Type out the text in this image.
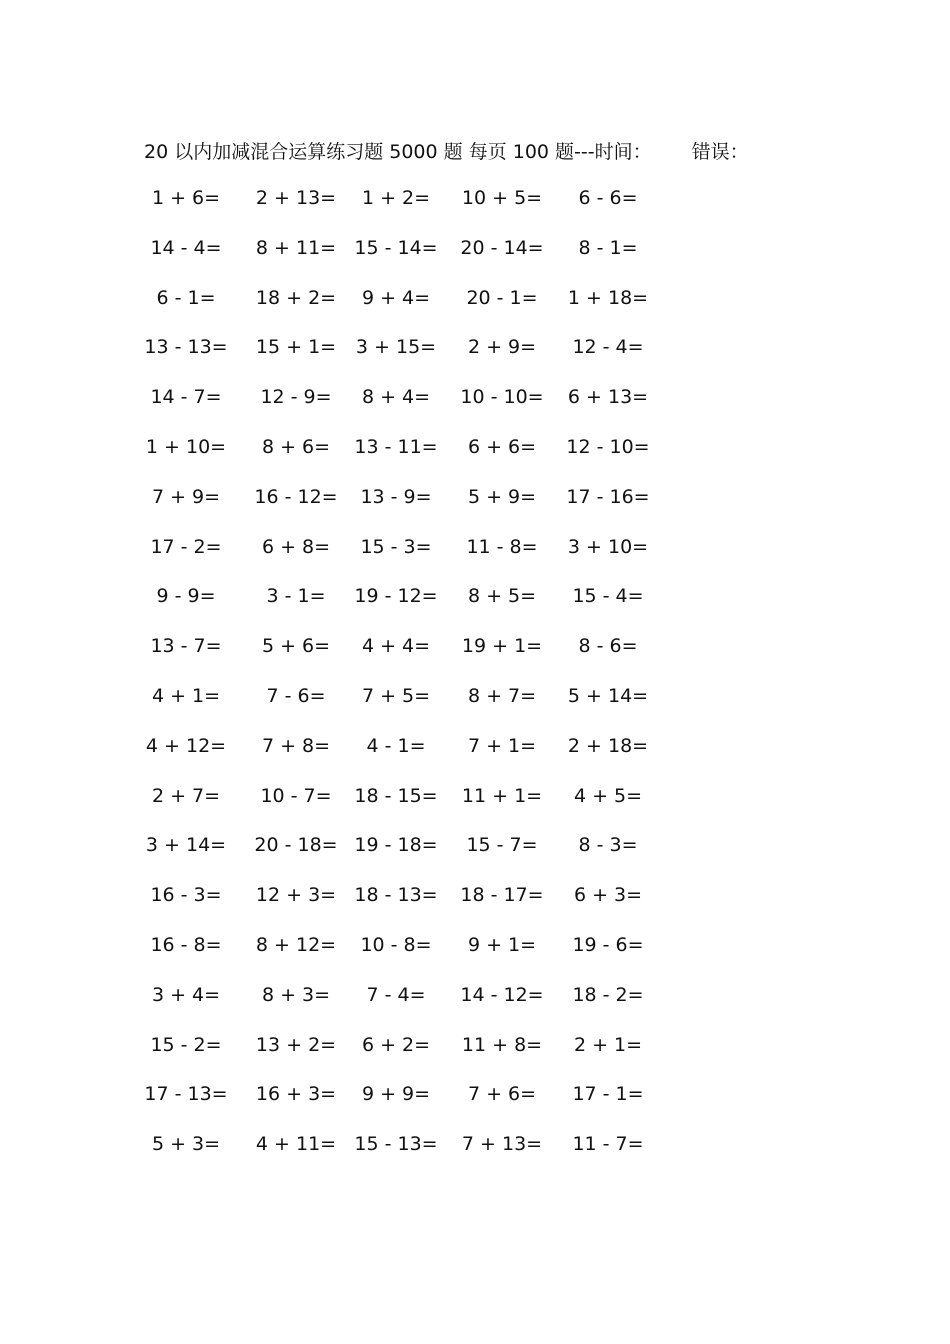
20 以内加减混合运算练习题 5000 题 每页 100 题---时间： 错误：
1 + 6=	2 + 13=	1 + 2=	10 + 5=	6 - 6=
14 - 4=	8 + 11= 15 - 14=	20 - 14=	8 - 1=
6 - 1=	18 + 2=	9 + 4=	20 - 1=	1 + 18=
13 - 13=	15 + 1=	3 + 15=	2 + 9=	12 - 4=
14 - 7=	12 - 9=	8 + 4=	10 - 10=	6 + 13=
1 + 10=	8 + 6=	13 - 11=	6 + 6=	12 - 10=
7 + 9=	16 - 12=	13 - 9=	5 + 9=	17 - 16=
17 - 2=	6 + 8=	15 - 3=	11 - 8=	3 + 10=
9 - 9=	3 - 1=	19 - 12=	8 + 5=	15 - 4=
13 - 7=	5 + 6=	4 + 4=	19 + 1=	8 - 6=
4 + 1=	7 - 6=	7 + 5=	8 + 7=	5 + 14=
4 + 12=	7 + 8=	4 - 1=	7 + 1=	2 + 18=
2 + 7=	10 - 7=	18 - 15=	11 + 1=	4 + 5=
3 + 14=	20 - 18= 19 - 18=	15 - 7=	8 - 3=
16 - 3=	12 + 3= 18 - 13=	18 - 17=	6 + 3=
16 - 8=	8 + 12=	10 - 8=	9 + 1=	19 - 6=
3 + 4=	8 + 3=	7 - 4=	14 - 12=	18 - 2=
15 - 2=	13 + 2=	6 + 2=	11 + 8=	2 + 1=
17 - 13=	16 + 3=	9 + 9=	7 + 6=	17 - 1=
5 + 3=	4 + 11= 15 - 13=	7 + 13=	11 - 7=
